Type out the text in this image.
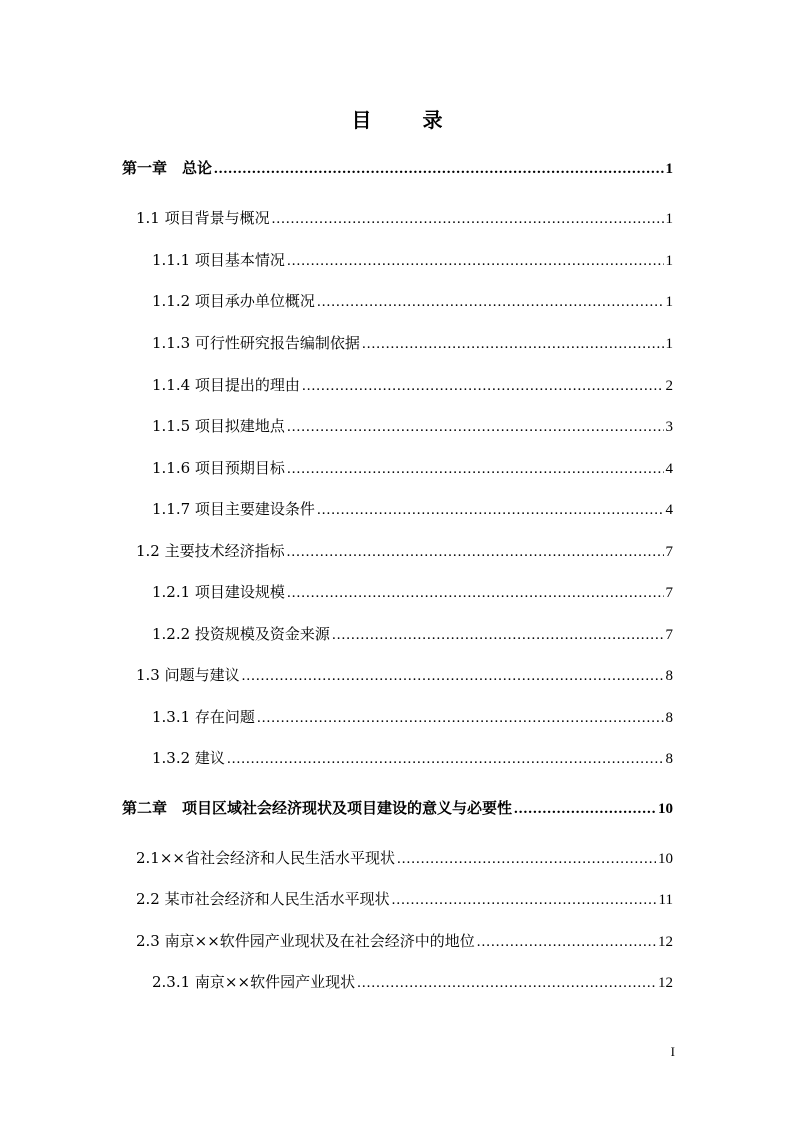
目 录
第一章　总论 .....	1
1.1 项目背景与概况 .....	1
1.1.1 项目基本情况 .....	1
1.1.2 项目承办单位概况 .....	1
1.1.3 可行性研究报告编制依据 .....	1
1.1.4 项目提出的理由 .....	2
1.1.5 项目拟建地点 .....	3
1.1.6 项目预期目标 .....	4
1.1.7 项目主要建设条件 .....	4
1.2 主要技术经济指标 .....	7
1.2.1 项目建设规模 .....	7
1.2.2 投资规模及资金来源 .....	7
1.3 问题与建议 .....	8
1.3.1 存在问题 .....	8
1.3.2 建议 .....	8
第二章　项目区域社会经济现状及项目建设的意义与必要性 .....	10
2.1××省社会经济和人民生活水平现状 .....	10
2.2 某市社会经济和人民生活水平现状 .....	11
2.3 南京××软件园产业现状及在社会经济中的地位 .....	12
2.3.1 南京××软件园产业现状 .....	12
I
